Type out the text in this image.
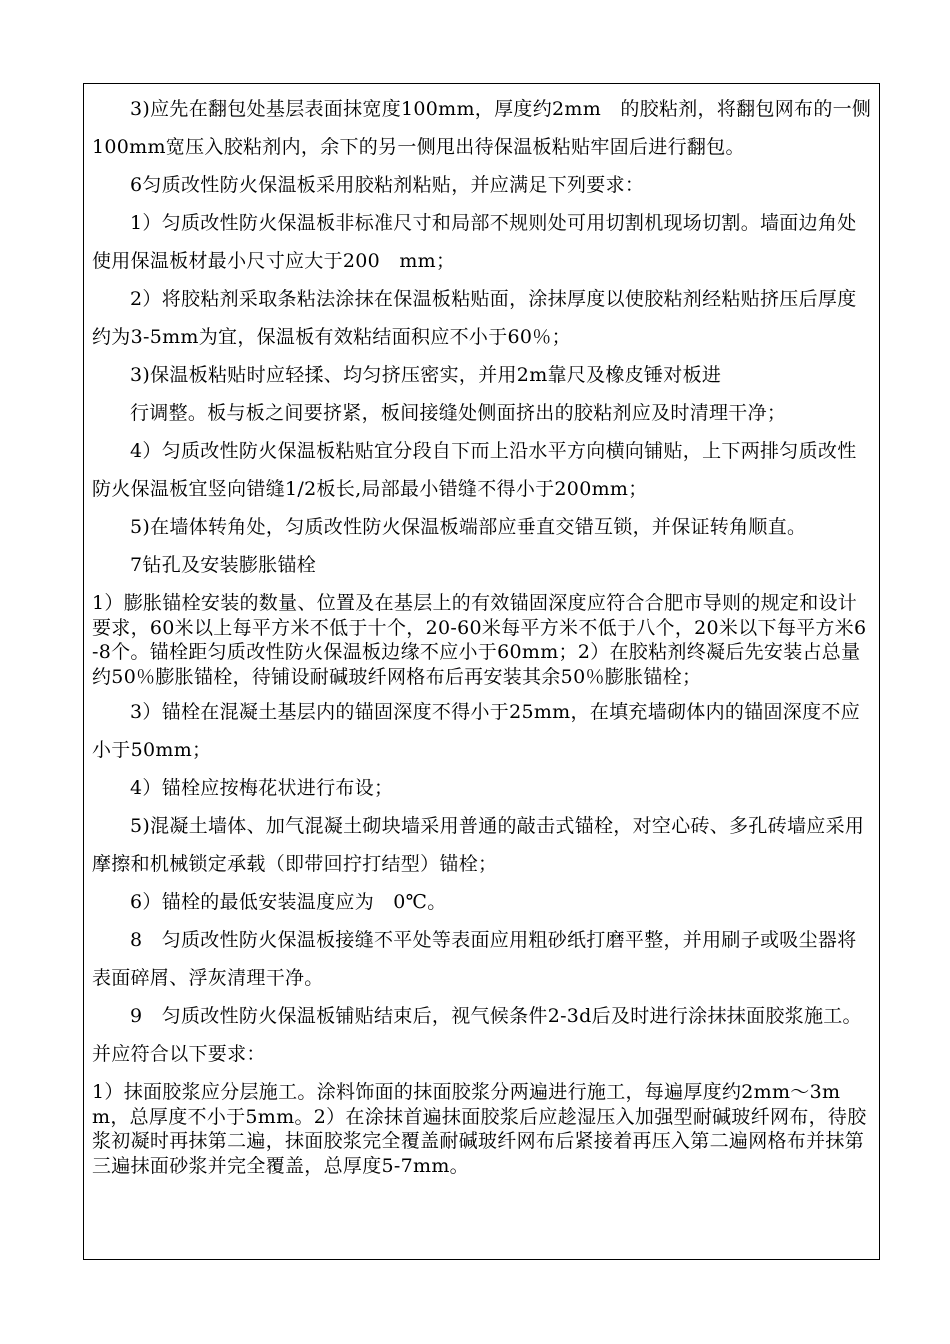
3)应先在翻包处基层表面抹宽度100mm，厚度约2mm　的胶粘剂，将翻包网布的一侧100mm宽压入胶粘剂内，余下的另一侧甩出待保温板粘贴牢固后进行翻包。

6匀质改性防火保温板采用胶粘剂粘贴，并应满足下列要求：

1）匀质改性防火保温板非标准尺寸和局部不规则处可用切割机现场切割。墙面边角处使用保温板材最小尺寸应大于200　mm；

2）将胶粘剂采取条粘法涂抹在保温板粘贴面，涂抹厚度以使胶粘剂经粘贴挤压后厚度约为3-5mm为宜，保温板有效粘结面积应不小于60％；

3)保温板粘贴时应轻揉、均匀挤压密实，并用2m靠尺及橡皮锤对板进

行调整。板与板之间要挤紧，板间接缝处侧面挤出的胶粘剂应及时清理干净；

4）匀质改性防火保温板粘贴宜分段自下而上沿水平方向横向铺贴，上下两排匀质改性防火保温板宜竖向错缝1/2板长,局部最小错缝不得小于200mm；

5)在墙体转角处，匀质改性防火保温板端部应垂直交错互锁，并保证转角顺直。

7钻孔及安装膨胀锚栓

1）膨胀锚栓安装的数量、位置及在基层上的有效锚固深度应符合合肥市导则的规定和设计要求，60米以上每平方米不低于十个，20-60米每平方米不低于八个，20米以下每平方米6-8个。锚栓距匀质改性防火保温板边缘不应小于60mm；2）在胶粘剂终凝后先安装占总量约50％膨胀锚栓，待铺设耐碱玻纤网格布后再安装其余50％膨胀锚栓；

3）锚栓在混凝土基层内的锚固深度不得小于25mm，在填充墙砌体内的锚固深度不应小于50mm；

4）锚栓应按梅花状进行布设；

5)混凝土墙体、加气混凝土砌块墙采用普通的敲击式锚栓，对空心砖、多孔砖墙应采用摩擦和机械锁定承载（即带回拧打结型）锚栓；

6）锚栓的最低安装温度应为　0℃。

8　匀质改性防火保温板接缝不平处等表面应用粗砂纸打磨平整，并用刷子或吸尘器将表面碎屑、浮灰清理干净。

9　匀质改性防火保温板铺贴结束后，视气候条件2-3d后及时进行涂抹抹面胶浆施工。并应符合以下要求：

1）抹面胶浆应分层施工。涂料饰面的抹面胶浆分两遍进行施工，每遍厚度约2mm～3mm，总厚度不小于5mm。2）在涂抹首遍抹面胶浆后应趁湿压入加强型耐碱玻纤网布，待胶浆初凝时再抹第二遍，抹面胶浆完全覆盖耐碱玻纤网布后紧接着再压入第二遍网格布并抹第三遍抹面砂浆并完全覆盖，总厚度5-7mm。
